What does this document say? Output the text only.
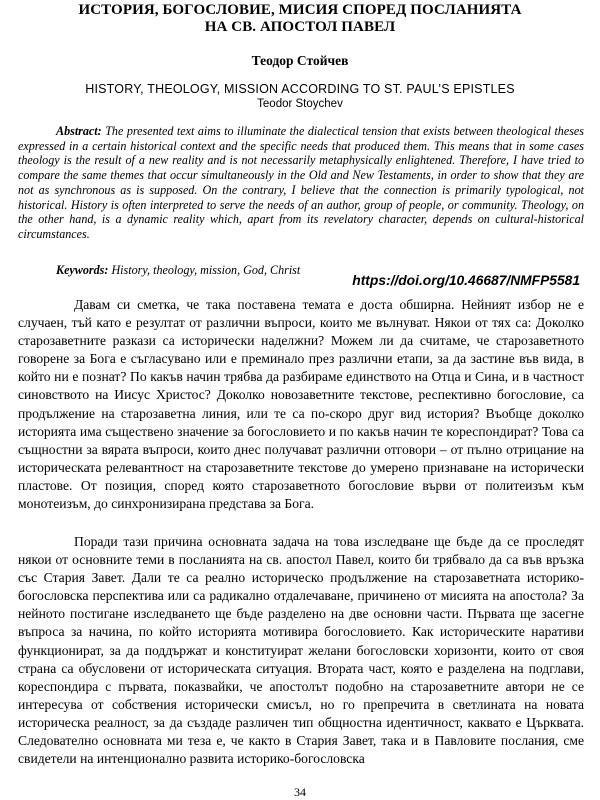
ИСТОРИЯ, БОГОСЛОВИЕ, МИСИЯ СПОРЕД ПОСЛАНИЯТА
НА СВ. АПОСТОЛ ПАВЕЛ
Теодор Стойчев
HISTORY, THEOLOGY, MISSION ACCORDING TO ST. PAUL’S EPISTLES
Teodor Stoychev

Abstract: The presented text aims to illuminate the dialectical tension that exists between theological theses expressed in a certain historical context and the specific needs that produced them. This means that in some cases theology is the result of a new reality and is not necessarily metaphysically enlightened. Therefore, I have tried to compare the same themes that occur simultaneously in the Old and New Testaments, in order to show that they are not as synchronous as is supposed. On the contrary, I believe that the connection is primarily typological, not historical. History is often interpreted to serve the needs of an author, group of people, or community. Theology, on the other hand, is a dynamic reality which, apart from its revelatory character, depends on cultural-historical circumstances.

Keywords: History, theology, mission, God, Christ

https://doi.org/10.46687/NMFP5581

Давам си сметка, че така поставена темата е доста обширна. Нейният избор не е случаен, тъй като е резултат от различни въпроси, които ме вълнуват. Някои от тях са: Доколко старозаветните разкази са исторически наделжни? Можем ли да считаме, че старозаветното говорене за Бога е съгласувано или е преминало през различни етапи, за да застине във вида, в който ни е познат? По какъв начин трябва да разбираме единството на Отца и Сина, и в частност синовството на Иисус Христос? Доколко новозаветните текстове, респективно богословие, са продължение на старозаветна линия, или те са по-скоро друг вид история? Въобще доколко историята има съществено значение за богословието и по какъв начин те кореспондират? Това са същностни за вярата въпроси, които днес получават различни отговори – от пълно отрицание на историческата релевантност на старозаветните текстове до умерено признаване на исторически пластове. От позиция, според която старозаветното богословие върви от политеизъм към монотеизъм, до синхронизирана представа за Бога.

Поради тази причина основната задача на това изследване ще бъде да се проследят някои от основните теми в посланията на св. апостол Павел, които би трябвало да са във връзка със Стария Завет. Дали те са реално историческо продължение на старозаветната историко-богословска перспектива или са радикално отдалечаване, причинено от мисията на апостола? За нейното постигане изследването ще бъде разделено на две основни части. Първата ще засегне въпроса за начина, по който историята мотивира богословието. Как историческите наративи функционират, за да поддържат и конституират желани богословски хоризонти, които от своя страна са обусловени от историческата ситуация. Втората част, която е разделена на подглави, кореспондира с първата, показвайки, че апостолът подобно на старозаветните автори не се интересува от собствения исторически смисъл, но го препречита в светлината на новата историческа реалност, за да създаде различен тип общностна идентичност, каквато е Църквата. Следователно основната ми теза е, че както в Стария Завет, така и в Павловите послания, сме свидетели на интенционално развита историко-богословска

34
